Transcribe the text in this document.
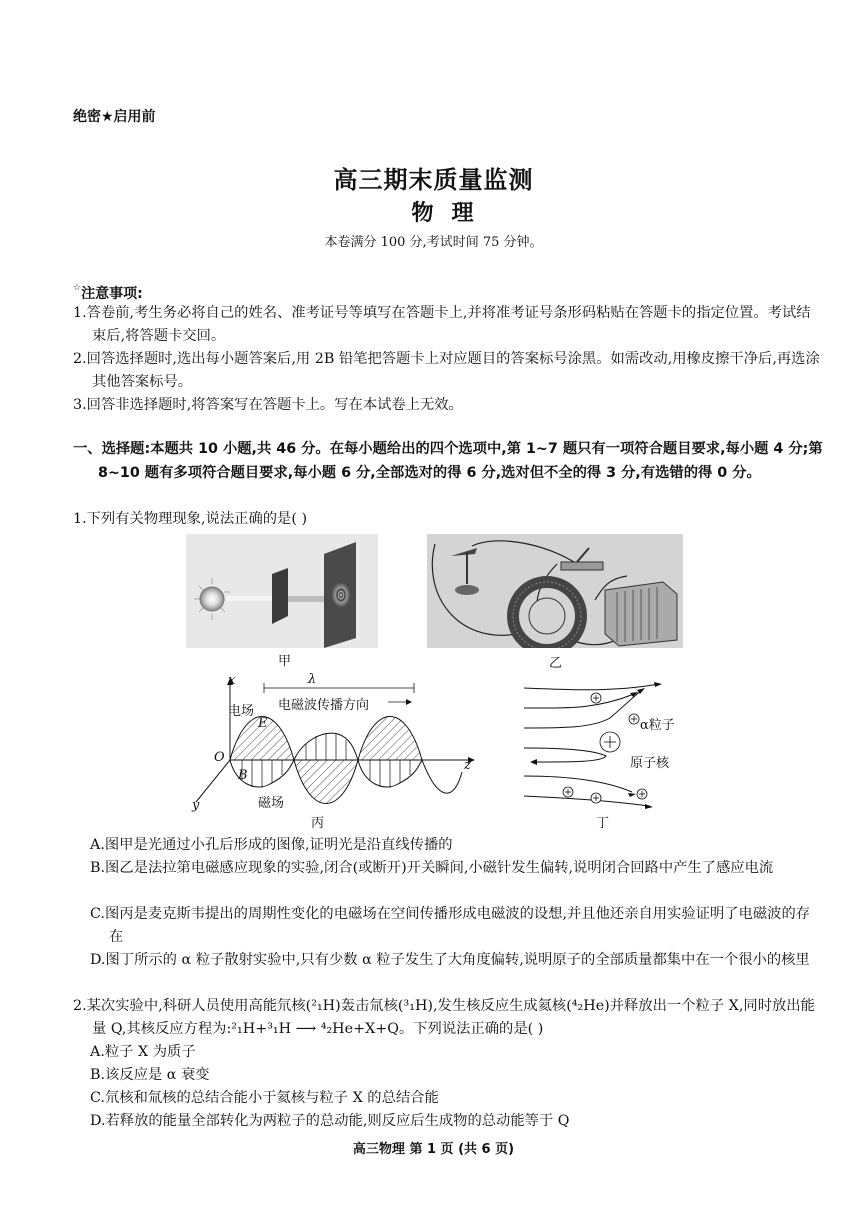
绝密★启用前
高三期末质量监测
物理
本卷满分 100 分,考试时间 75 分钟。
☆注意事项:
1.答卷前,考生务必将自己的姓名、准考证号等填写在答题卡上,并将准考证号条形码粘贴在答题卡的指定位置。考试结束后,将答题卡交回。
2.回答选择题时,选出每小题答案后,用 2B 铅笔把答题卡上对应题目的答案标号涂黑。如需改动,用橡皮擦干净后,再选涂其他答案标号。
3.回答非选择题时,将答案写在答题卡上。写在本试卷上无效。
一、选择题:本题共 10 小题,共 46 分。在每小题给出的四个选项中,第 1~7 题只有一项符合题目要求,每小题 4 分;第 8~10 题有多项符合题目要求,每小题 6 分,全部选对的得 6 分,选对但不全的得 3 分,有选错的得 0 分。
1.下列有关物理现象,说法正确的是( )
甲	乙
x	λ
电磁波传播方向
电场
E
O
B
磁场
z
y
丙
α粒子
原子核
丁
A.图甲是光通过小孔后形成的图像,证明光是沿直线传播的
B.图乙是法拉第电磁感应现象的实验,闭合(或断开)开关瞬间,小磁针发生偏转,说明闭合回路中产生了感应电流
C.图丙是麦克斯韦提出的周期性变化的电磁场在空间传播形成电磁波的设想,并且他还亲自用实验证明了电磁波的存在
D.图丁所示的 α 粒子散射实验中,只有少数 α 粒子发生了大角度偏转,说明原子的全部质量都集中在一个很小的核里
2.某次实验中,科研人员使用高能氘核(²₁H)轰击氚核(³₁H),发生核反应生成氦核(⁴₂He)并释放出一个粒子 X,同时放出能量 Q,其核反应方程为:²₁H+³₁H ⟶ ⁴₂He+X+Q。下列说法正确的是( )
A.粒子 X 为质子
B.该反应是 α 衰变
C.氘核和氚核的总结合能小于氦核与粒子 X 的总结合能
D.若释放的能量全部转化为两粒子的总动能,则反应后生成物的总动能等于 Q
高三物理 第 1 页 (共 6 页)
